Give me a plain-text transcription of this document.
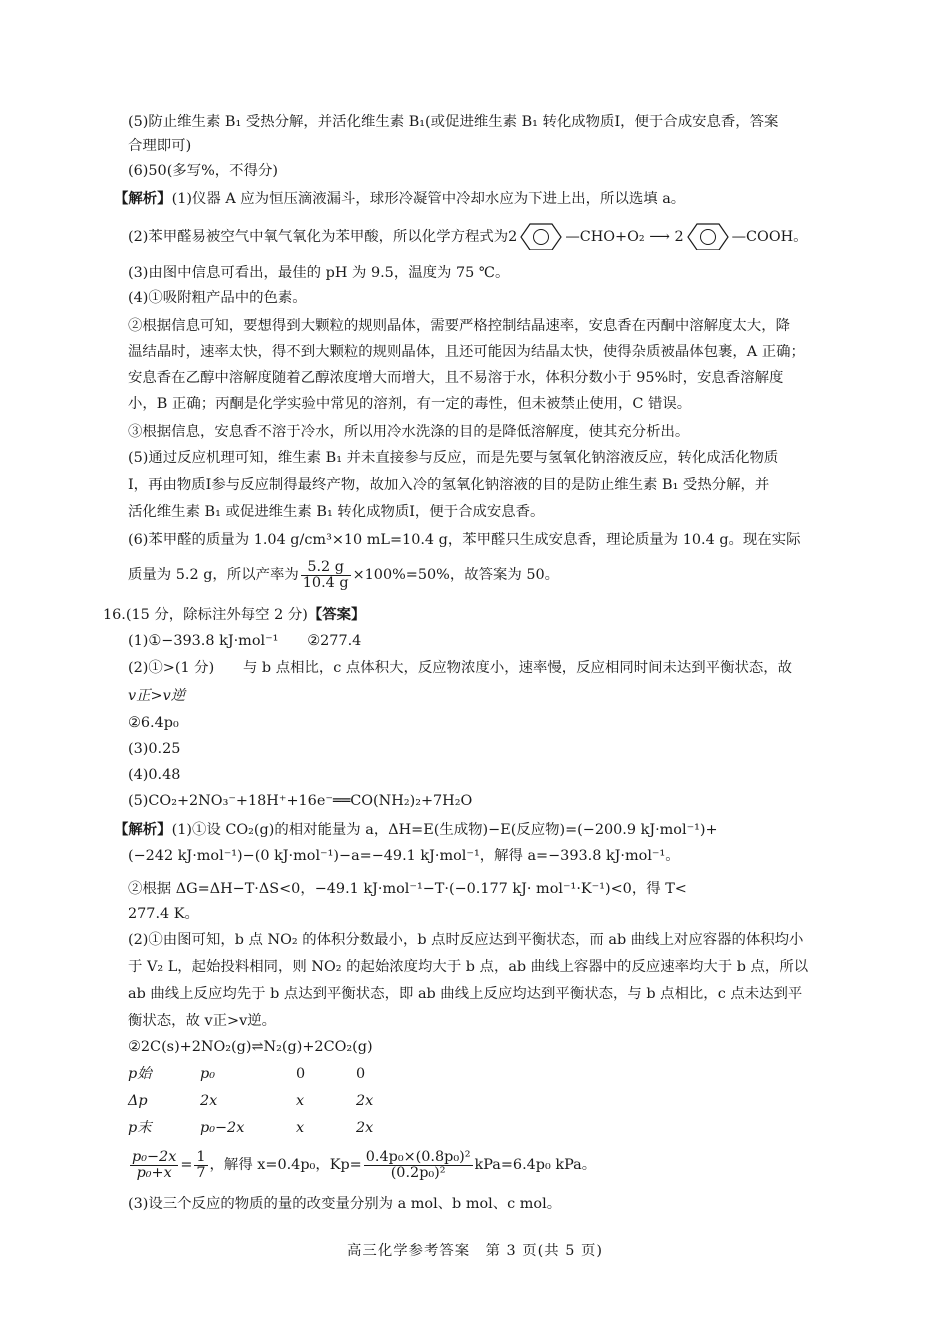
(5)防止维生素 B₁ 受热分解，并活化维生素 B₁(或促进维生素 B₁ 转化成物质Ⅰ，便于合成安息香，答案
合理即可)
(6)50(多写%，不得分)
【解析】(1)仪器 A 应为恒压滴液漏斗，球形冷凝管中冷却水应为下进上出，所以选填 a。
(2)苯甲醛易被空气中氧气氧化为苯甲酸，所以化学方程式为2	—CHO+O₂ ⟶ 2	—COOH。
(3)由图中信息可看出，最佳的 pH 为 9.5，温度为 75 ℃。
(4)①吸附粗产品中的色素。
②根据信息可知，要想得到大颗粒的规则晶体，需要严格控制结晶速率，安息香在丙酮中溶解度太大，降
温结晶时，速率太快，得不到大颗粒的规则晶体，且还可能因为结晶太快，使得杂质被晶体包裹，A 正确；
安息香在乙醇中溶解度随着乙醇浓度增大而增大，且不易溶于水，体积分数小于 95%时，安息香溶解度
小，B 正确；丙酮是化学实验中常见的溶剂，有一定的毒性，但未被禁止使用，C 错误。
③根据信息，安息香不溶于冷水，所以用冷水洗涤的目的是降低溶解度，使其充分析出。
(5)通过反应机理可知，维生素 B₁ 并未直接参与反应，而是先要与氢氧化钠溶液反应，转化成活化物质
Ⅰ，再由物质Ⅰ参与反应制得最终产物，故加入冷的氢氧化钠溶液的目的是防止维生素 B₁ 受热分解，并
活化维生素 B₁ 或促进维生素 B₁ 转化成物质Ⅰ，便于合成安息香。
(6)苯甲醛的质量为 1.04 g/cm³×10 mL=10.4 g，苯甲醛只生成安息香，理论质量为 10.4 g。现在实际
质量为 5.2 g，所以产率为 $\frac{5.2 g}{10.4 g} \times 100\%=50\%$，故答案为 50。
16.(15 分，除标注外每空 2 分)【答案】
(1)①−393.8 kJ·mol⁻¹　　②277.4
(2)①>(1 分)　　与 b 点相比，c 点体积大，反应物浓度小，速率慢，反应相同时间未达到平衡状态，故
v正>v逆
②6.4p₀
(3)0.25
(4)0.48
(5)CO₂+2NO₃⁻+18H⁺+16e⁻══CO(NH₂)₂+7H₂O
【解析】(1)①设 CO₂(g)的相对能量为 a，ΔH=E(生成物)−E(反应物)=(−200.9 kJ·mol⁻¹)+
(−242 kJ·mol⁻¹)−(0 kJ·mol⁻¹)−a=−49.1 kJ·mol⁻¹，解得 a=−393.8 kJ·mol⁻¹。
②根据 ΔG=ΔH−T·ΔS<0，−49.1 kJ·mol⁻¹−T·(−0.177 kJ· mol⁻¹·K⁻¹)<0，得 T<
277.4 K。
(2)①由图可知，b 点 NO₂ 的体积分数最小，b 点时反应达到平衡状态，而 ab 曲线上对应容器的体积均小
于 V₂ L，起始投料相同，则 NO₂ 的起始浓度均大于 b 点，ab 曲线上容器中的反应速率均大于 b 点，所以
ab 曲线上反应均先于 b 点达到平衡状态，即 ab 曲线上反应均达到平衡状态，与 b 点相比，c 点未达到平
衡状态，故 v正>v逆。
②2C(s)+2NO₂(g)⇌N₂(g)+2CO₂(g)
p始	p₀	0	0
Δp	2x	x	2x
p末	p₀−2x	x	2x
$\frac{\text{p₀−2x}}{\text{p₀+x}} = \frac{1}{7}$ ，解得 x=0.4p₀，$Kp= \frac{\text{0.4p₀×(0.8p₀)²}}{\text{(0.2p₀)²}} kPa=6.4p_0$ kPa。
(3)设三个反应的物质的量的改变量分别为 a mol、b mol、c mol。
高三化学参考答案　第 3 页(共 5 页)
